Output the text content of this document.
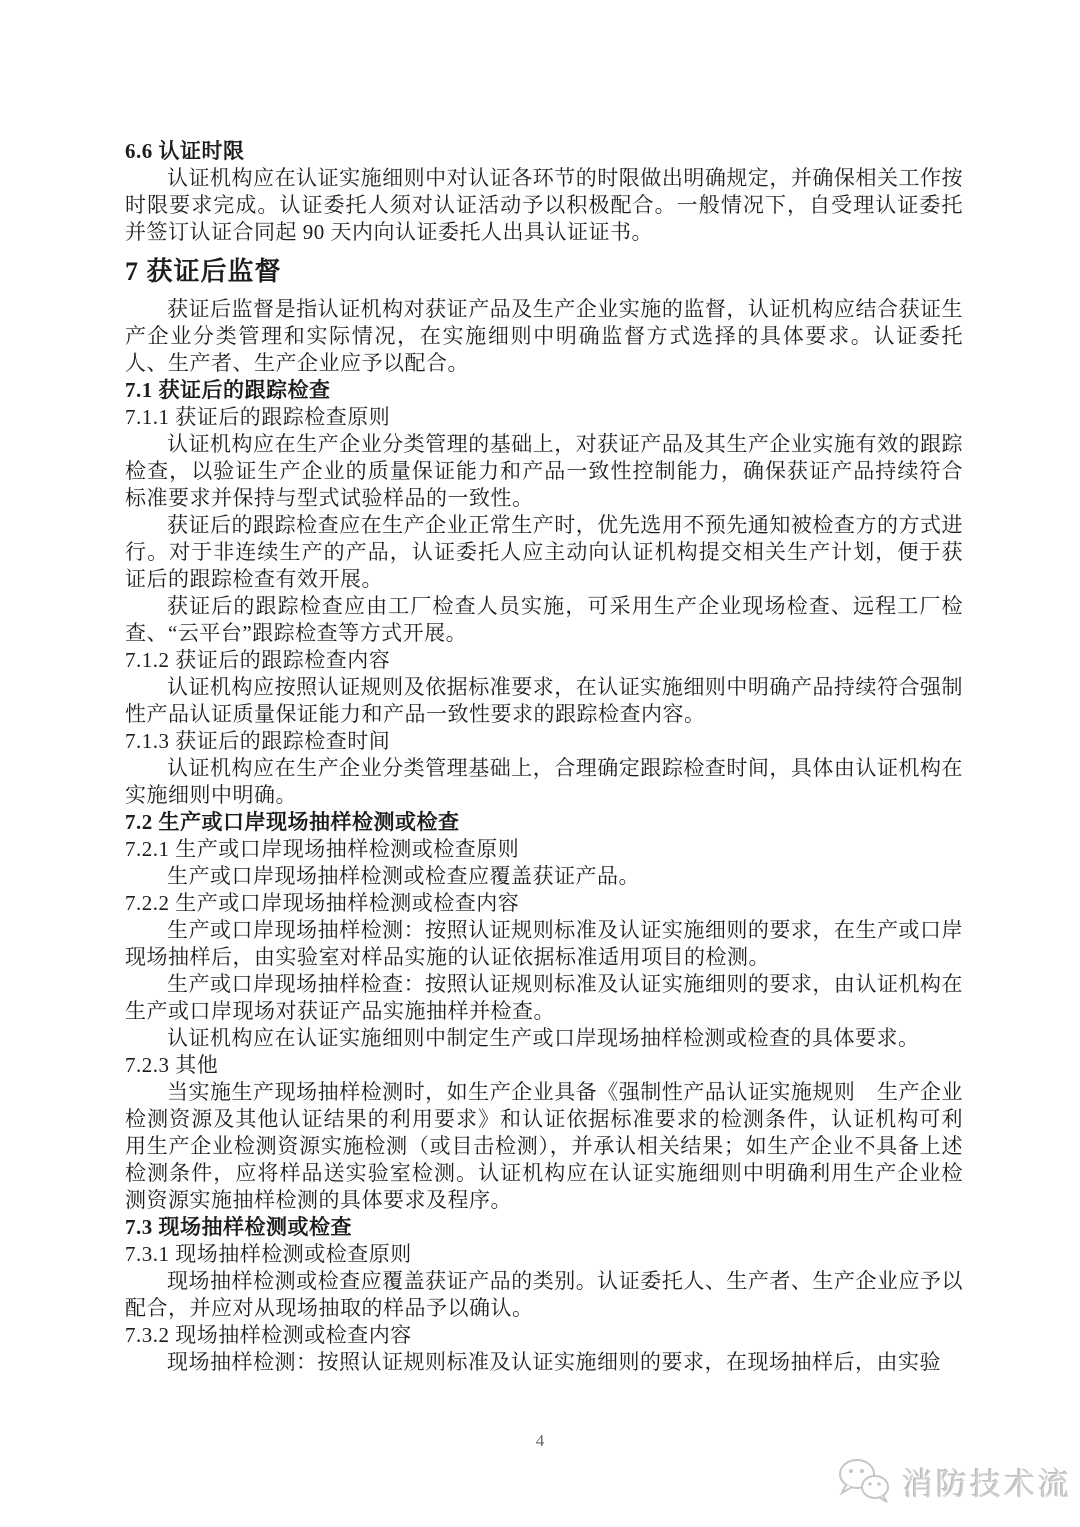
6.6 认证时限
认证机构应在认证实施细则中对认证各环节的时限做出明确规定，并确保相关工作按时限要求完成。认证委托人须对认证活动予以积极配合。一般情况下，自受理认证委托并签订认证合同起 90 天内向认证委托人出具认证证书。
7 获证后监督
获证后监督是指认证机构对获证产品及生产企业实施的监督，认证机构应结合获证生产企业分类管理和实际情况，在实施细则中明确监督方式选择的具体要求。认证委托人、生产者、生产企业应予以配合。
7.1 获证后的跟踪检查
7.1.1 获证后的跟踪检查原则
认证机构应在生产企业分类管理的基础上，对获证产品及其生产企业实施有效的跟踪检查，以验证生产企业的质量保证能力和产品一致性控制能力，确保获证产品持续符合标准要求并保持与型式试验样品的一致性。
获证后的跟踪检查应在生产企业正常生产时，优先选用不预先通知被检查方的方式进行。对于非连续生产的产品，认证委托人应主动向认证机构提交相关生产计划，便于获证后的跟踪检查有效开展。
获证后的跟踪检查应由工厂检查人员实施，可采用生产企业现场检查、远程工厂检查、“云平台”跟踪检查等方式开展。
7.1.2 获证后的跟踪检查内容
认证机构应按照认证规则及依据标准要求，在认证实施细则中明确产品持续符合强制性产品认证质量保证能力和产品一致性要求的跟踪检查内容。
7.1.3 获证后的跟踪检查时间
认证机构应在生产企业分类管理基础上，合理确定跟踪检查时间，具体由认证机构在实施细则中明确。
7.2 生产或口岸现场抽样检测或检查
7.2.1 生产或口岸现场抽样检测或检查原则
生产或口岸现场抽样检测或检查应覆盖获证产品。
7.2.2 生产或口岸现场抽样检测或检查内容
生产或口岸现场抽样检测：按照认证规则标准及认证实施细则的要求，在生产或口岸现场抽样后，由实验室对样品实施的认证依据标准适用项目的检测。
生产或口岸现场抽样检查：按照认证规则标准及认证实施细则的要求，由认证机构在生产或口岸现场对获证产品实施抽样并检查。
认证机构应在认证实施细则中制定生产或口岸现场抽样检测或检查的具体要求。
7.2.3 其他
当实施生产现场抽样检测时，如生产企业具备《强制性产品认证实施规则　生产企业检测资源及其他认证结果的利用要求》和认证依据标准要求的检测条件，认证机构可利用生产企业检测资源实施检测（或目击检测），并承认相关结果；如生产企业不具备上述检测条件，应将样品送实验室检测。认证机构应在认证实施细则中明确利用生产企业检测资源实施抽样检测的具体要求及程序。
7.3 现场抽样检测或检查
7.3.1 现场抽样检测或检查原则
现场抽样检测或检查应覆盖获证产品的类别。认证委托人、生产者、生产企业应予以配合，并应对从现场抽取的样品予以确认。
7.3.2 现场抽样检测或检查内容
现场抽样检测：按照认证规则标准及认证实施细则的要求，在现场抽样后，由实验
4
消防技术流
